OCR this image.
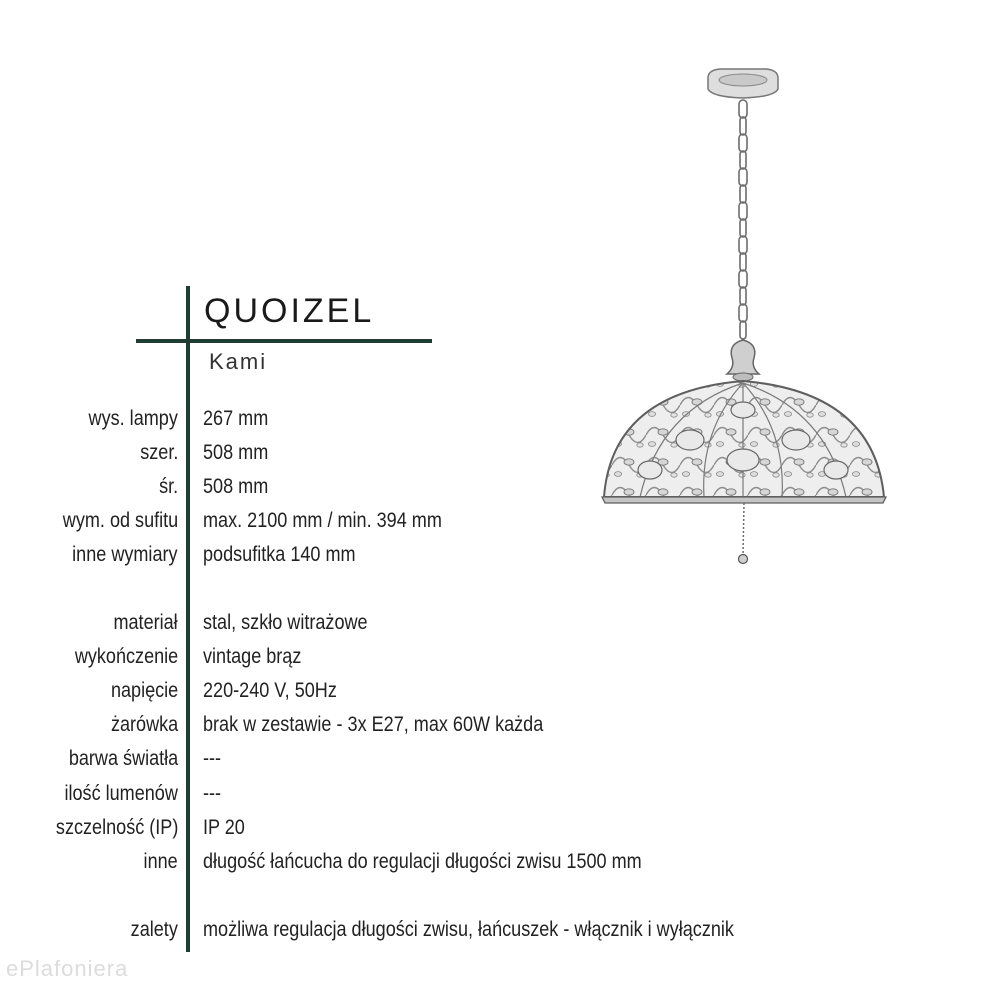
QUOIZEL
Kami
wys. lampy 267 mm
szer. 508 mm
śr. 508 mm
wym. od sufitu max. 2100 mm / min. 394 mm
inne wymiary podsufitka 140 mm
materiał stal, szkło witrażowe
wykończenie vintage brąz
napięcie 220-240 V, 50Hz
żarówka brak w zestawie - 3x E27, max 60W każda
barwa światła ---
ilość lumenów ---
szczelność (IP) IP 20
inne długość łańcucha do regulacji długości zwisu 1500 mm
zalety możliwa regulacja długości zwisu, łańcuszek - włącznik i wyłącznik
ePlafoniera
